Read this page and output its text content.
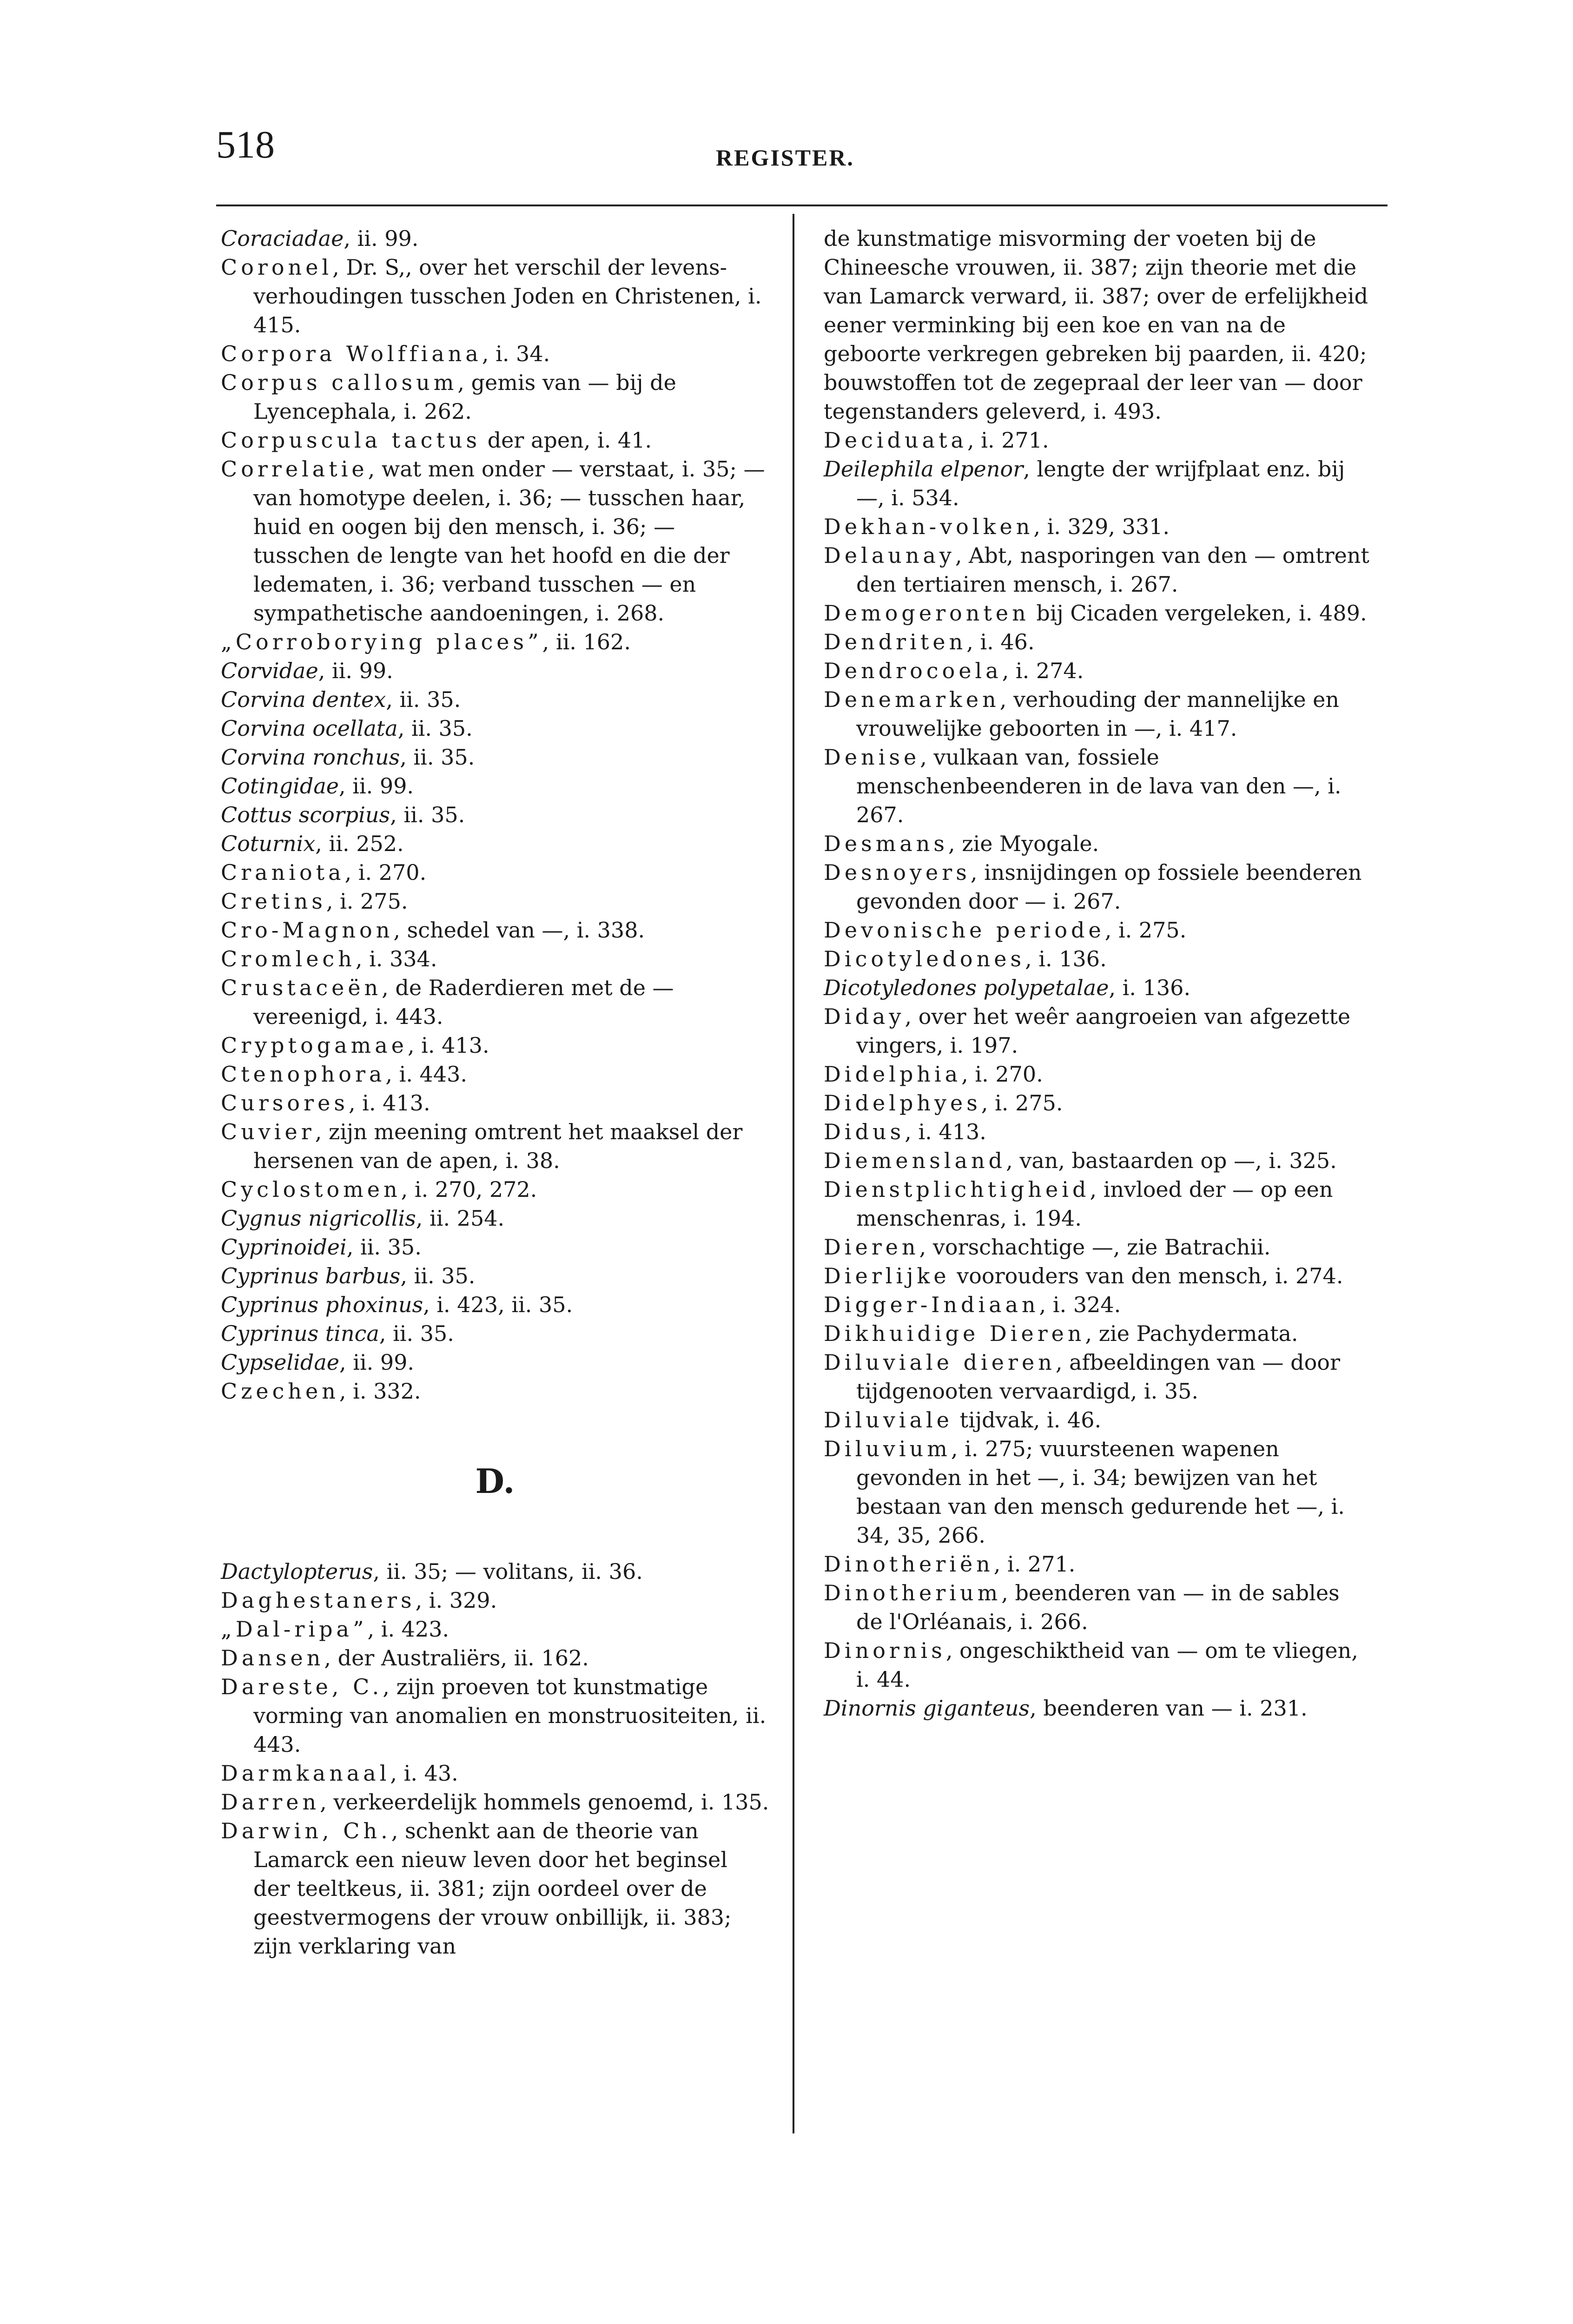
518	REGISTER.

Coraciadae, ii. 99.

Coronel, Dr. S,, over het verschil der levens-verhoudingen tusschen Joden en Christenen, i. 415.

Corpora Wolffiana, i. 34.

Corpus callosum, gemis van — bij de Lyencephala, i. 262.

Corpuscula tactus der apen, i. 41.

Correlatie, wat men onder — verstaat, i. 35; — van homotype deelen, i. 36; — tusschen haar, huid en oogen bij den mensch, i. 36; — tusschen de lengte van het hoofd en die der ledematen, i. 36; verband tusschen — en sympathetische aandoeningen, i. 268.

„Corroborying places”, ii. 162.

Corvidae, ii. 99.

Corvina dentex, ii. 35.

Corvina ocellata, ii. 35.

Corvina ronchus, ii. 35.

Cotingidae, ii. 99.

Cottus scorpius, ii. 35.

Coturnix, ii. 252.

Craniota, i. 270.

Cretins, i. 275.

Cro-Magnon, schedel van —, i. 338.

Cromlech, i. 334.

Crustaceën, de Raderdieren met de — vereenigd, i. 443.

Cryptogamae, i. 413.

Ctenophora, i. 443.

Cursores, i. 413.

Cuvier, zijn meening omtrent het maaksel der hersenen van de apen, i. 38.

Cyclostomen, i. 270, 272.

Cygnus nigricollis, ii. 254.

Cyprinoidei, ii. 35.

Cyprinus barbus, ii. 35.

Cyprinus phoxinus, i. 423, ii. 35.

Cyprinus tinca, ii. 35.

Cypselidae, ii. 99.

Czechen, i. 332.

D.

Dactylopterus, ii. 35; — volitans, ii. 36.

Daghestaners, i. 329.

„Dal-ripa”, i. 423.

Dansen, der Australiërs, ii. 162.

Dareste, C., zijn proeven tot kunstmatige vorming van anomalien en monstruositeiten, ii. 443.

Darmkanaal, i. 43.

Darren, verkeerdelijk hommels genoemd, i. 135.

Darwin, Ch., schenkt aan de theorie van Lamarck een nieuw leven door het beginsel der teeltkeus, ii. 381; zijn oordeel over de geestvermogens der vrouw onbillijk, ii. 383; zijn verklaring van

de kunstmatige misvorming der voeten bij de Chineesche vrouwen, ii. 387; zijn theorie met die van Lamarck verward, ii. 387; over de erfelijkheid eener verminking bij een koe en van na de geboorte verkregen gebreken bij paarden, ii. 420; bouwstoffen tot de zegepraal der leer van — door tegenstanders geleverd, i. 493.

Deciduata, i. 271.

Deilephila elpenor, lengte der wrijfplaat enz. bij —, i. 534.

Dekhan-volken, i. 329, 331.

Delaunay, Abt, nasporingen van den — omtrent den tertiairen mensch, i. 267.

Demogeronten bij Cicaden vergeleken, i. 489.

Dendriten, i. 46.

Dendrocoela, i. 274.

Denemarken, verhouding der mannelijke en vrouwelijke geboorten in —, i. 417.

Denise, vulkaan van, fossiele menschenbeenderen in de lava van den —, i. 267.

Desmans, zie Myogale.

Desnoyers, insnijdingen op fossiele beenderen gevonden door — i. 267.

Devonische periode, i. 275.

Dicotyledones, i. 136.

Dicotyledones polypetalae, i. 136.

Diday, over het weêr aangroeien van afgezette vingers, i. 197.

Didelphia, i. 270.

Didelphyes, i. 275.

Didus, i. 413.

Diemensland, van, bastaarden op —, i. 325.

Dienstplichtigheid, invloed der — op een menschenras, i. 194.

Dieren, vorschachtige —, zie Batrachii.

Dierlijke voorouders van den mensch, i. 274.

Digger-Indiaan, i. 324.

Dikhuidige Dieren, zie Pachydermata.

Diluviale dieren, afbeeldingen van — door tijdgenooten vervaardigd, i. 35.

Diluviale tijdvak, i. 46.

Diluvium, i. 275; vuursteenen wapenen gevonden in het —, i. 34; bewijzen van het bestaan van den mensch gedurende het —, i. 34, 35, 266.

Dinotheriën, i. 271.

Dinotherium, beenderen van — in de sables de l'Orléanais, i. 266.

Dinornis, ongeschiktheid van — om te vliegen, i. 44.

Dinornis giganteus, beenderen van — i. 231.
